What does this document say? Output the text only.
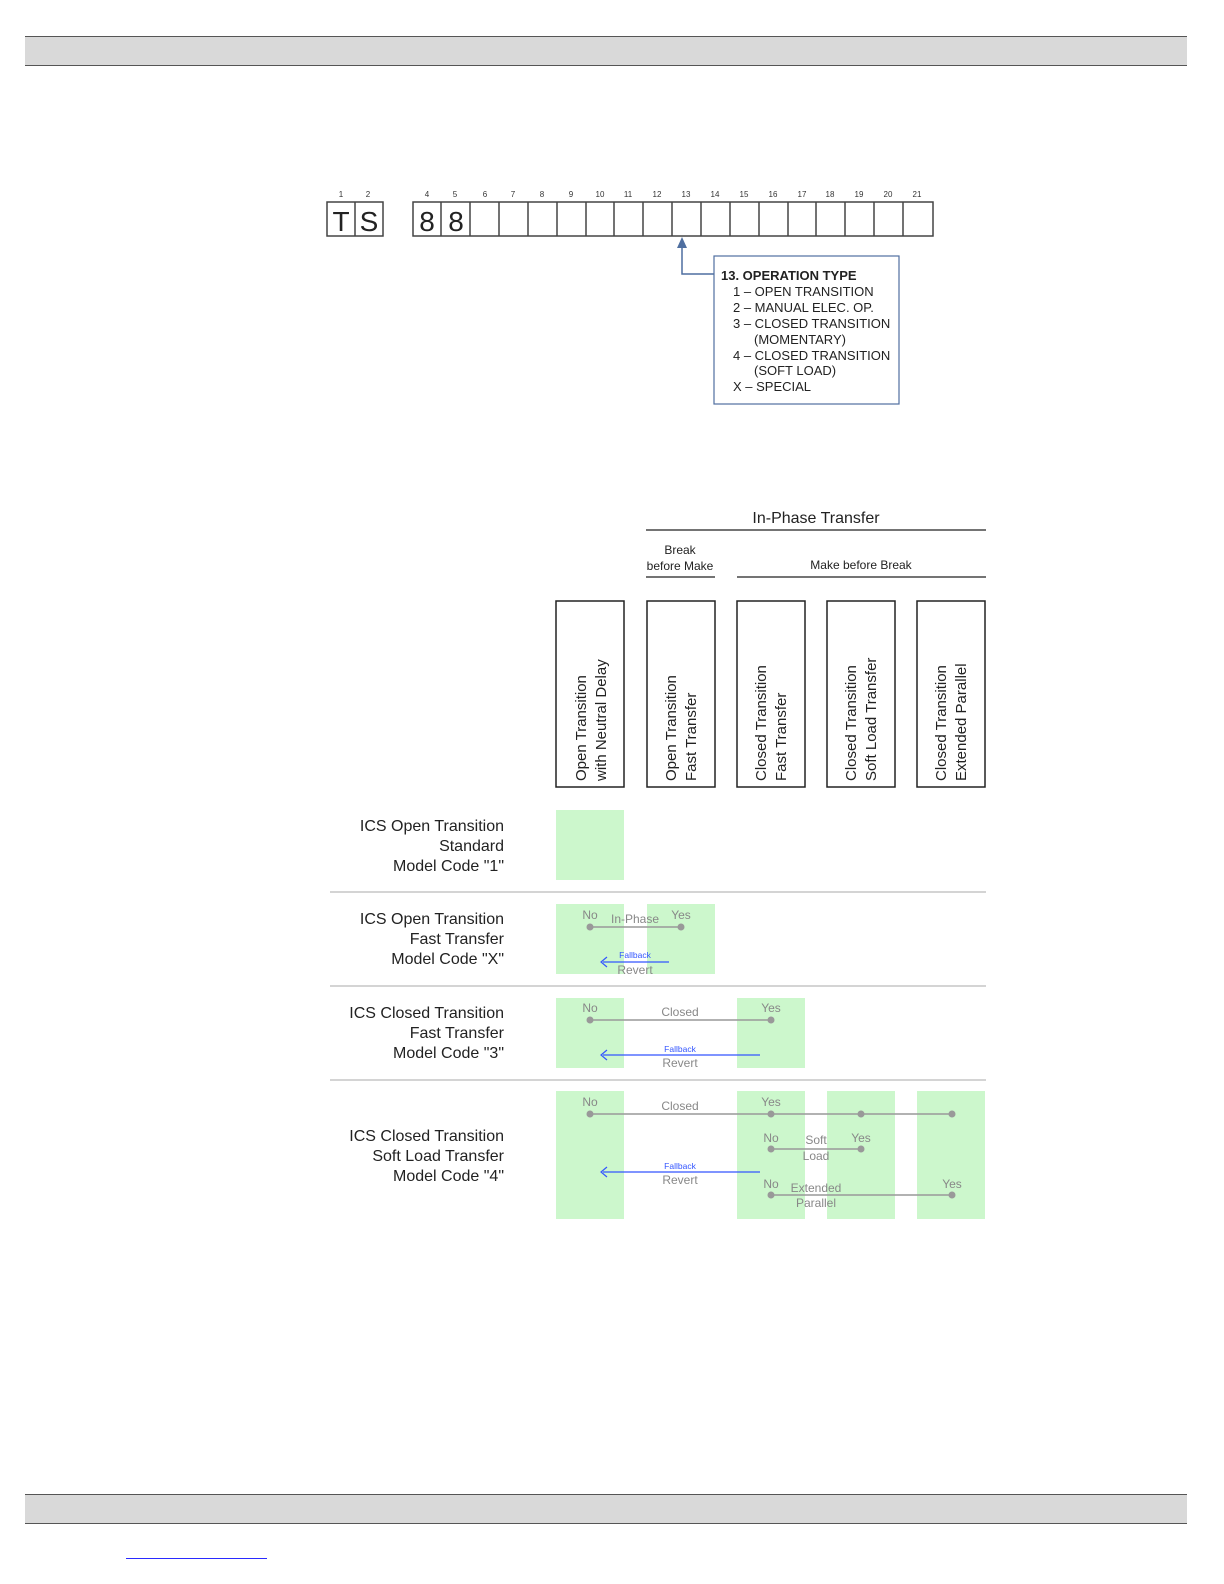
1	2	4	5	6	7	8	9	10 11	12	13	14	15	16	17 18	19	20	21
T S 8 8
13. OPERATION TYPE
1 – OPEN TRANSITION
2 – MANUAL ELEC. OP.
3 – CLOSED TRANSITION
(MOMENTARY)
4 – CLOSED TRANSITION
(SOFT LOAD)
X – SPECIAL
In-Phase Transfer
Break
before Make	Make before Break
Open Transition with Neutral Delay	Open Transition Fast Transfer	Closed Transition Fast Transfer	Closed Transition Soft Load Transfer	Closed Transition Extended Parallel
ICS Open Transition
Standard
Model Code "1"
ICS Open Transition
Fast Transfer
Model Code "X"
ICS Closed Transition
Fast Transfer
Model Code "3"
ICS Closed Transition
Soft Load Transfer
Model Code "4"
No In-Phase Yes
Fallback
Revert
No	Closed	Yes
Fallback
Revert
No	Closed	Yes
No Soft
Load
Yes
No Extended
Parallel
Yes
Fallback
Revert
